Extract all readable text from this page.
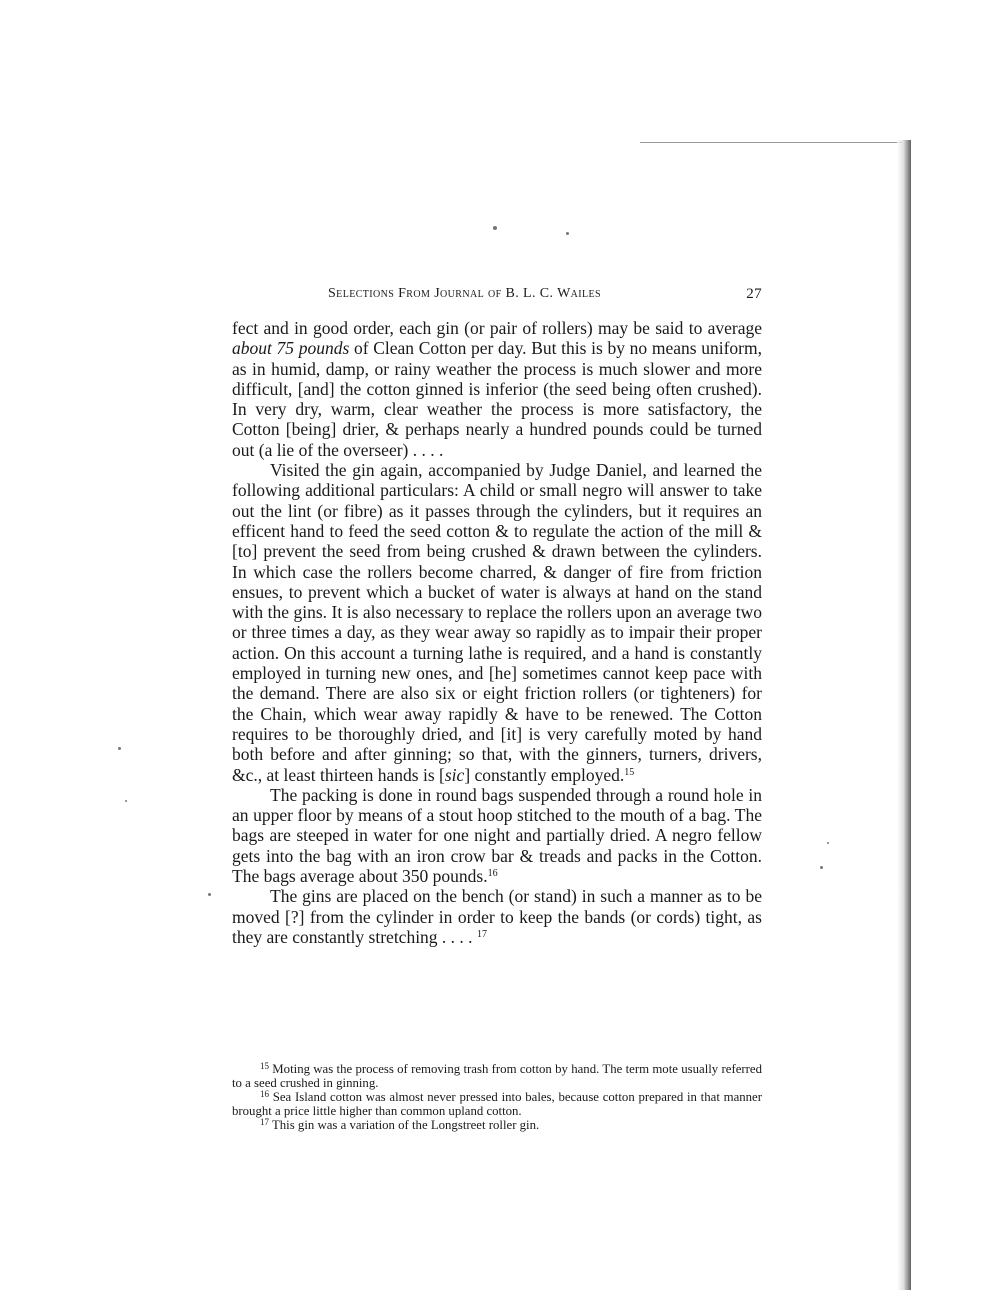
Selections From Journal of B. L. C. Wailes	27

fect and in good order, each gin (or pair of rollers) may be said to average about 75 pounds of Clean Cotton per day. But this is by no means uniform, as in humid, damp, or rainy weather the process is much slower and more difficult, [and] the cotton ginned is inferior (the seed being often crushed). In very dry, warm, clear weather the process is more satisfactory, the Cotton [being] drier, & perhaps nearly a hundred pounds could be turned out (a lie of the overseer) . . . .

Visited the gin again, accompanied by Judge Daniel, and learned the following additional particulars: A child or small negro will answer to take out the lint (or fibre) as it passes through the cylinders, but it requires an efficent hand to feed the seed cotton & to regulate the action of the mill & [to] prevent the seed from being crushed & drawn between the cylinders. In which case the rollers become charred, & danger of fire from friction ensues, to prevent which a bucket of water is always at hand on the stand with the gins. It is also necessary to replace the rollers upon an average two or three times a day, as they wear away so rapidly as to impair their proper action. On this account a turning lathe is required, and a hand is constantly employed in turning new ones, and [he] sometimes cannot keep pace with the demand. There are also six or eight friction rollers (or tighteners) for the Chain, which wear away rapidly & have to be renewed. The Cotton requires to be thoroughly dried, and [it] is very carefully moted by hand both before and after ginning; so that, with the ginners, turners, drivers, &c., at least thirteen hands is [sic] constantly employed.$^{15}$

The packing is done in round bags suspended through a round hole in an upper floor by means of a stout hoop stitched to the mouth of a bag. The bags are steeped in water for one night and partially dried. A negro fellow gets into the bag with an iron crow bar & treads and packs in the Cotton. The bags average about 350 pounds.$^{16}$

The gins are placed on the bench (or stand) in such a manner as to be moved [?] from the cylinder in order to keep the bands (or cords) tight, as they are constantly stretching . . . . $^{17}$

$^{15}$ Moting was the process of removing trash from cotton by hand. The term mote usually referred to a seed crushed in ginning.

$^{16}$ Sea Island cotton was almost never pressed into bales, because cotton prepared in that manner brought a price little higher than common upland cotton.

$^{17}$ This gin was a variation of the Longstreet roller gin.
